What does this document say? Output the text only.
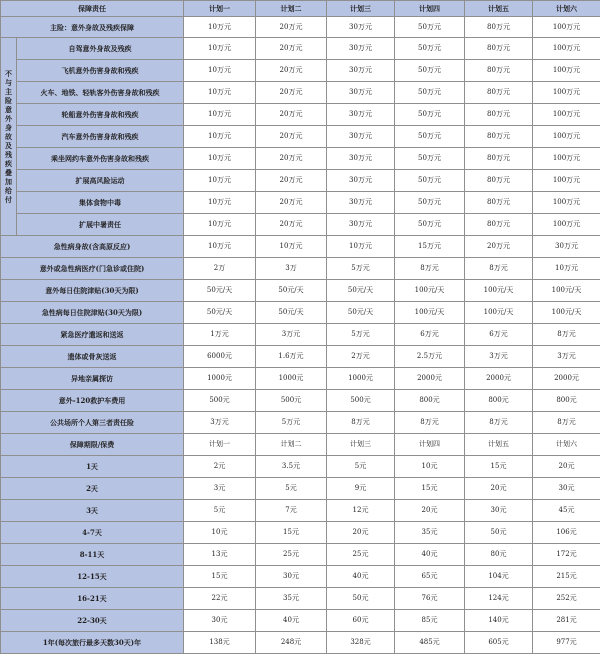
保障责任		计划一	计划二	计划三	计划四	计划五	计划六
主险：意外身故及残疾保障		10万元	20万元	30万元	50万元	80万元	100万元

不与主险意外身故及残疾叠加给付	自驾意外身故及残疾	10万元	20万元	30万元	50万元	80万元	100万元
	飞机意外伤害身故和残疾	10万元	20万元	30万元	50万元	80万元	100万元
	火车、地铁、轻轨客外伤害身故和残疾	10万元	20万元	30万元	50万元	80万元	100万元
	轮船意外伤害身故和残疾	10万元	20万元	30万元	50万元	80万元	100万元
	汽车意外伤害身故和残疾	10万元	20万元	30万元	50万元	80万元	100万元
	乘坐网约车意外伤害身故和残疾	10万元	20万元	30万元	50万元	80万元	100万元
	扩展高风险运动	10万元	20万元	30万元	50万元	80万元	100万元
	集体食物中毒	10万元	20万元	30万元	50万元	80万元	100万元
	扩展中暑责任	10万元	20万元	30万元	50万元	80万元	100万元
急性病身故(含高原反应)		10万元	10万元	10万元	15万元	20万元	30万元
意外或急性病医疗(门急诊或住院)		2万	3万	5万元	8万元	8万元	10万元
意外每日住院津贴(30天为限)		50元/天	50元/天	50元/天	100元/天	100元/天	100元/天
急性病每日住院津贴(30天为限)		50元/天	50元/天	50元/天	100元/天	100元/天	100元/天
紧急医疗遣返和送返		1万元	3万元	5万元	6万元	6万元	8万元
遗体或骨灰送返		6000元	1.6万元	2万元	2.5万元	3万元	3万元
异地亲属探访		1000元	1000元	1000元	2000元	2000元	2000元
意外-120救护车费用		500元	500元	500元	800元	800元	800元
公共场所个人第三者责任险		3万元	5万元	8万元	8万元	8万元	8万元
保障期限/保费		计划一	计划二	计划三	计划四	计划五	计划六
1天		2元	3.5元	5元	10元	15元	20元
2天		3元	5元	9元	15元	20元	30元
3天		5元	7元	12元	20元	30元	45元
4-7天		10元	15元	20元	35元	50元	106元
8-11天		13元	25元	25元	40元	80元	172元
12-15天		15元	30元	40元	65元	104元	215元
16-21天		22元	35元	50元	76元	124元	252元
22-30天		30元	40元	60元	85元	140元	281元
1年(每次旅行最多天数30天)年		138元	248元	328元	485元	605元	977元
